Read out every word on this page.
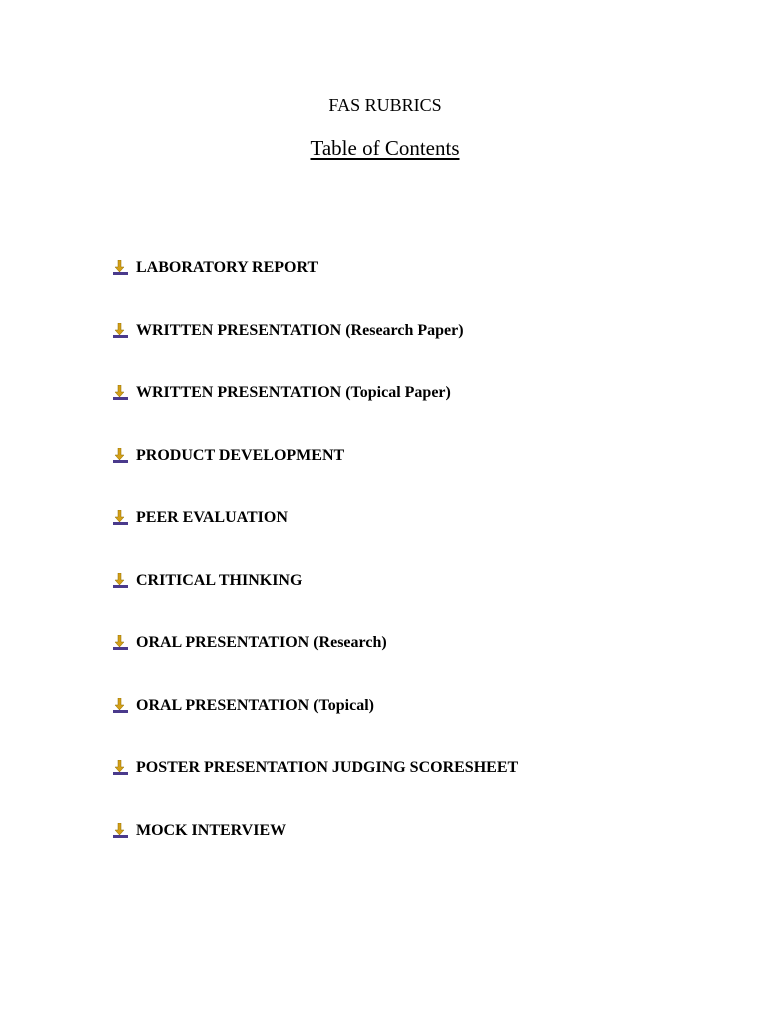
FAS RUBRICS
Table of Contents
LABORATORY REPORT
WRITTEN PRESENTATION (Research Paper)
WRITTEN PRESENTATION (Topical Paper)
PRODUCT DEVELOPMENT
PEER EVALUATION
CRITICAL THINKING
ORAL PRESENTATION (Research)
ORAL PRESENTATION (Topical)
POSTER PRESENTATION JUDGING SCORESHEET
MOCK INTERVIEW
